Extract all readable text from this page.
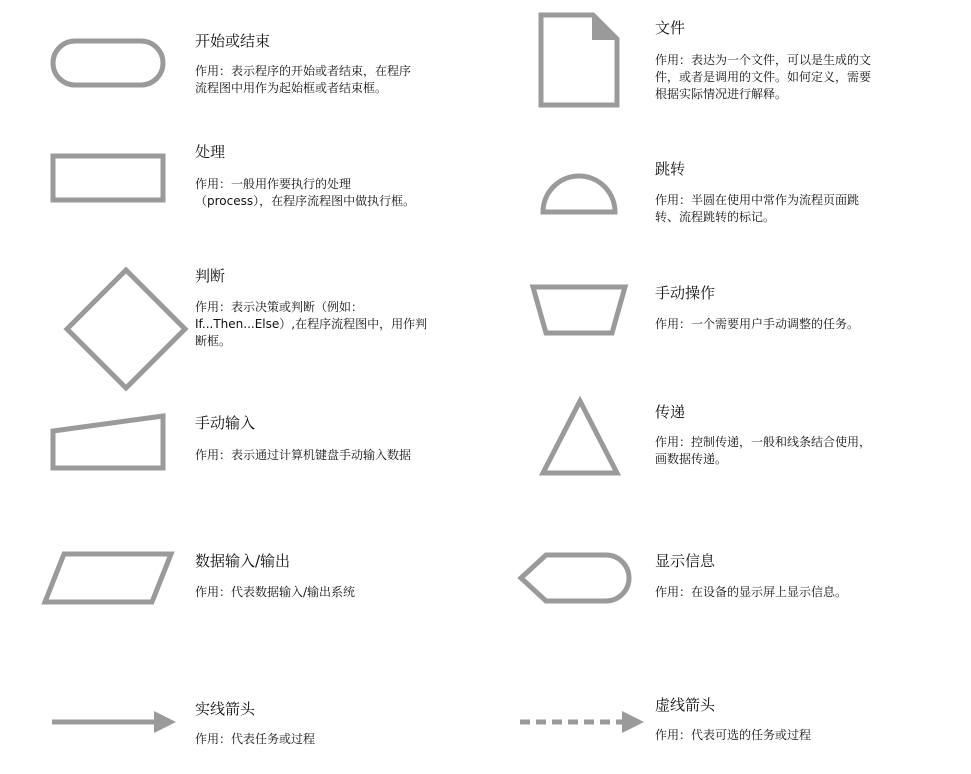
开始或结束
作用：表示程序的开始或者结束，在程序
流程图中用作为起始框或者结束框。
处理
作用：一般用作要执行的处理
（process），在程序流程图中做执行框。
判断
作用：表示决策或判断（例如：
If...Then...Else）,在程序流程图中，用作判
断框。
手动输入
作用：表示通过计算机键盘手动输入数据
数据输入/输出
作用：代表数据输入/输出系统
实线箭头
作用：代表任务或过程
文件
作用：表达为一个文件，可以是生成的文
件，或者是调用的文件。如何定义，需要
根据实际情况进行解释。
跳转
作用：半圆在使用中常作为流程页面跳
转、流程跳转的标记。
手动操作
作用：一个需要用户手动调整的任务。
传递
作用：控制传递，一般和线条结合使用，
画数据传递。
显示信息
作用：在设备的显示屏上显示信息。
虚线箭头
作用：代表可选的任务或过程
